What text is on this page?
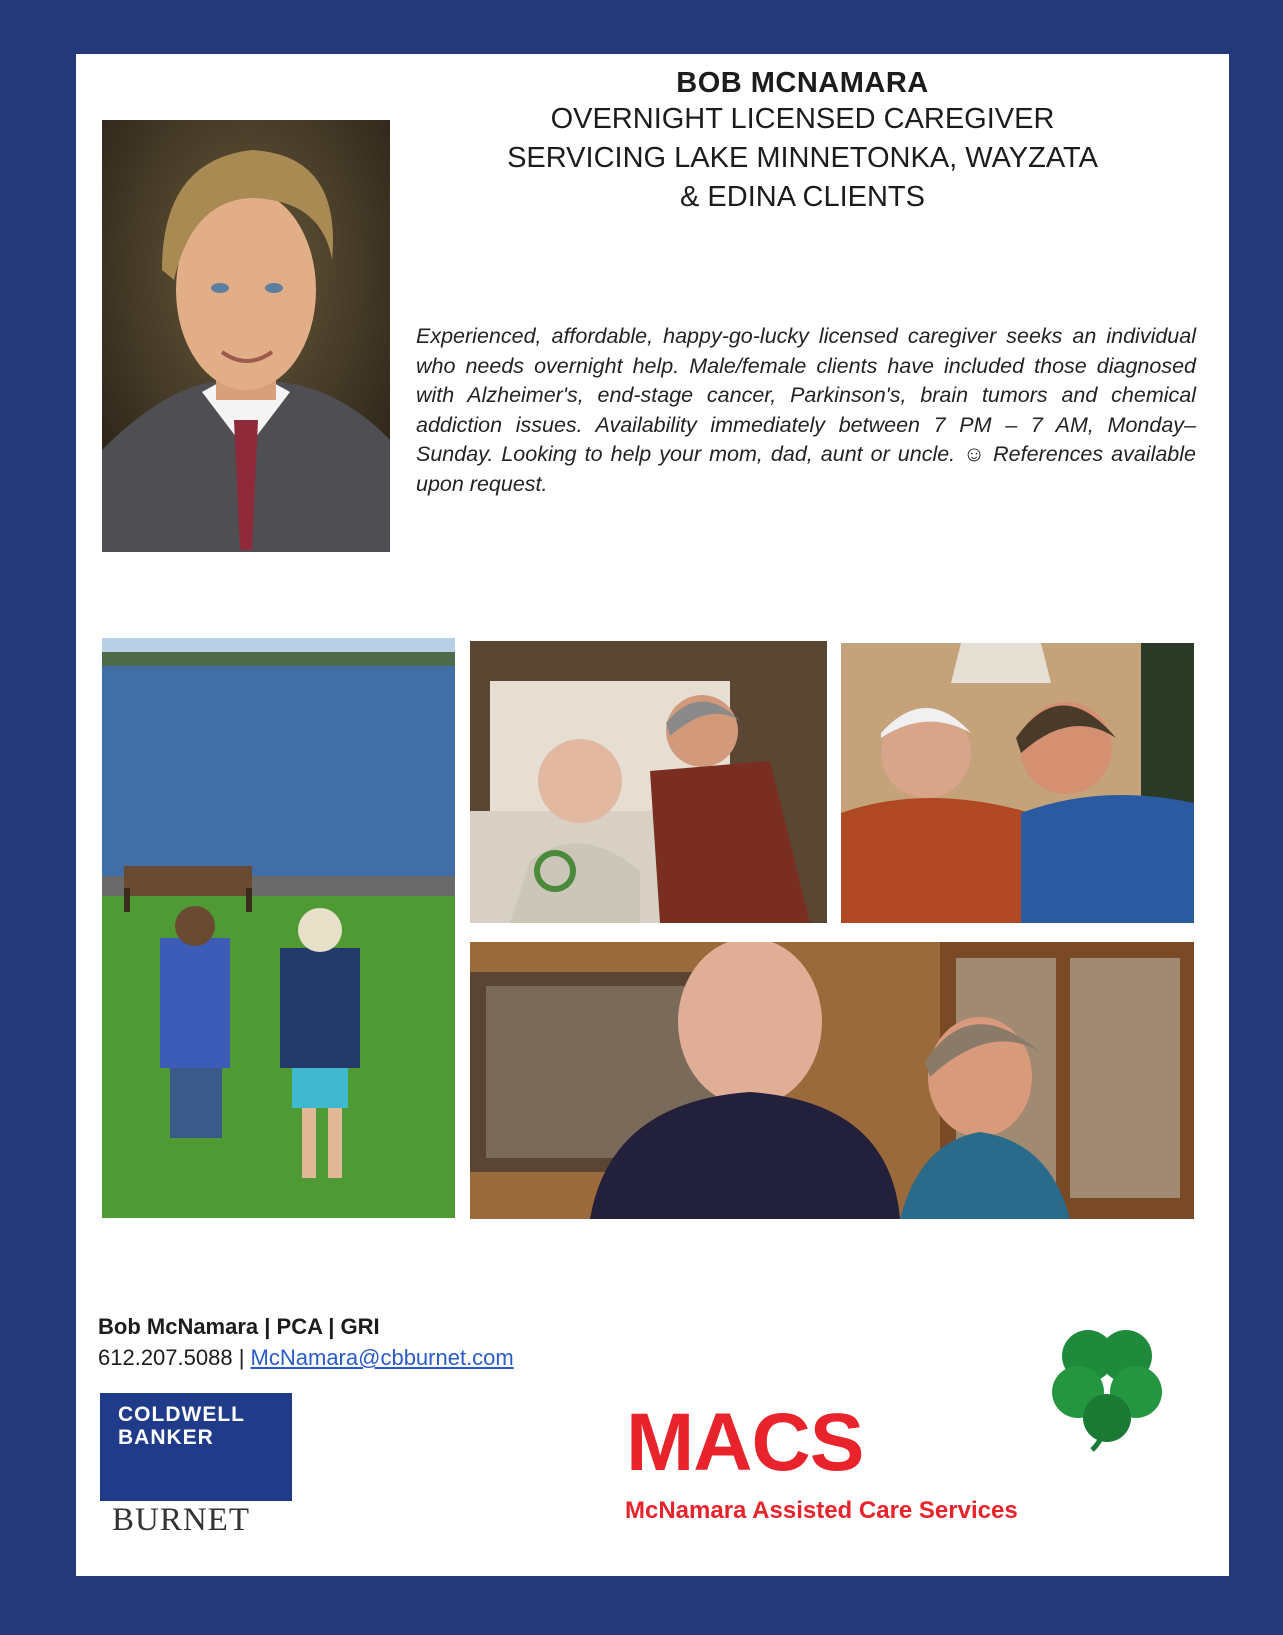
BOB MCNAMARA
OVERNIGHT LICENSED CAREGIVER
SERVICING LAKE MINNETONKA, WAYZATA
& EDINA CLIENTS

Experienced, affordable, happy-go-lucky licensed caregiver seeks an individual who needs overnight help. Male/female clients have included those diagnosed with Alzheimer's, end-stage cancer, Parkinson's, brain tumors and chemical addiction issues. Availability immediately between 7 PM – 7 AM, Monday–Sunday. Looking to help your mom, dad, aunt or uncle. ☺ References available upon request.

Bob McNamara | PCA | GRI
612.207.5088 | McNamara@cbburnet.com
COLDWELL
BANKER
BURNET
MACS
McNamara Assisted Care Services
